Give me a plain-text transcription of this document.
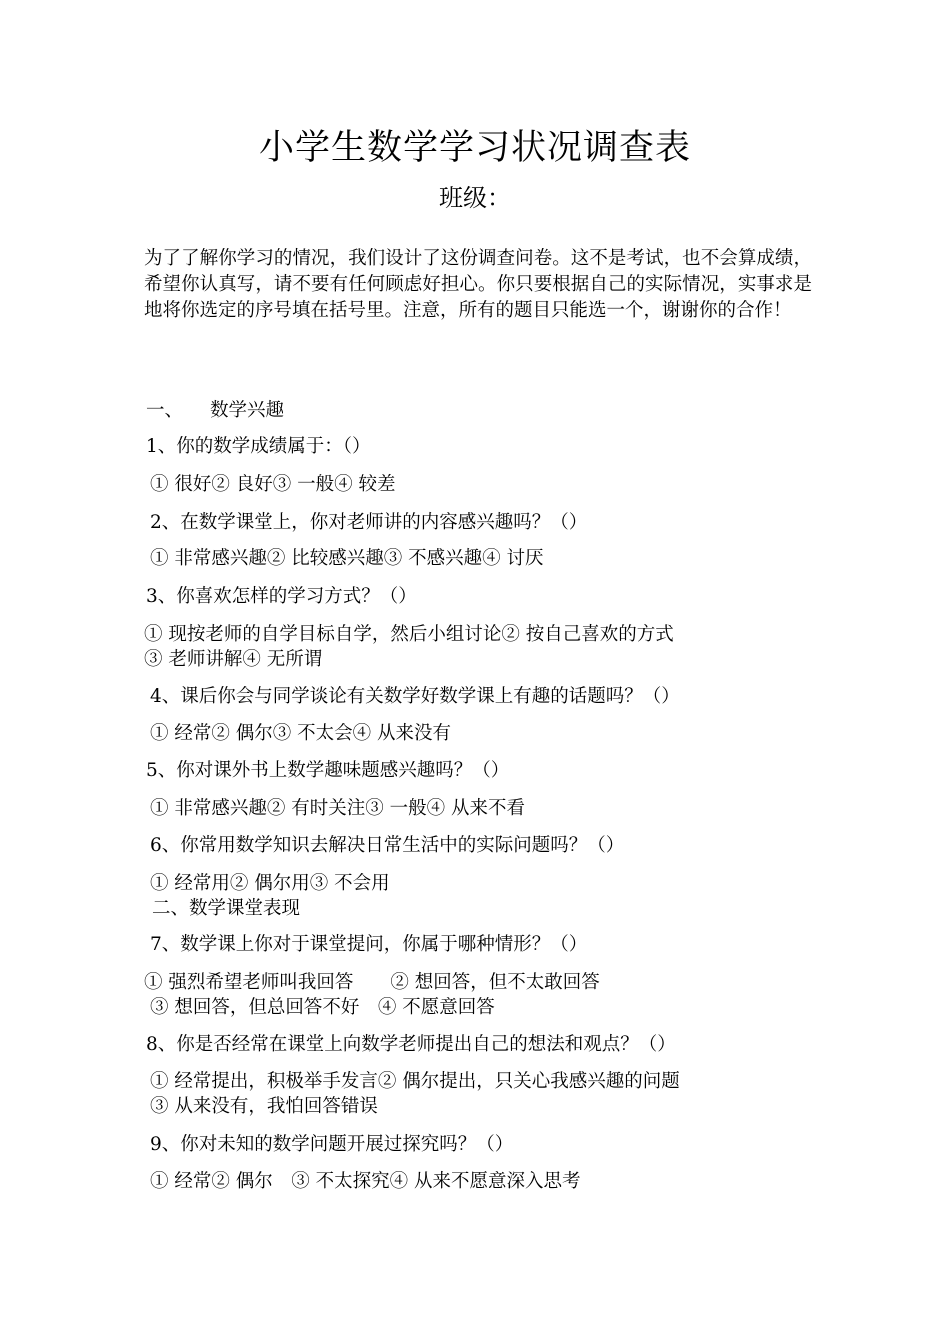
小学生数学学习状况调查表
班级：
为了了解你学习的情况，我们设计了这份调查问卷。这不是考试，也不会算成绩，希望你认真写，请不要有任何顾虑好担心。你只要根据自己的实际情况，实事求是地将你选定的序号填在括号里。注意，所有的题目只能选一个，谢谢你的合作！
一、 数学兴趣
1、你的数学成绩属于：（）
① 很好② 良好③ 一般④ 较差
2、在数学课堂上，你对老师讲的内容感兴趣吗？（）
① 非常感兴趣② 比较感兴趣③ 不感兴趣④ 讨厌
3、你喜欢怎样的学习方式？（）
① 现按老师的自学目标自学，然后小组讨论② 按自己喜欢的方式
③ 老师讲解④ 无所谓
4、课后你会与同学谈论有关数学好数学课上有趣的话题吗？（）
① 经常② 偶尔③ 不太会④ 从来没有
5、你对课外书上数学趣味题感兴趣吗？（）
① 非常感兴趣② 有时关注③ 一般④ 从来不看
6、你常用数学知识去解决日常生活中的实际问题吗？（）
① 经常用② 偶尔用③ 不会用
二、数学课堂表现
7、数学课上你对于课堂提问，你属于哪种情形？（）
① 强烈希望老师叫我回答　　② 想回答，但不太敢回答
③ 想回答，但总回答不好　④ 不愿意回答
8、你是否经常在课堂上向数学老师提出自己的想法和观点？（）
① 经常提出，积极举手发言② 偶尔提出，只关心我感兴趣的问题
③ 从来没有，我怕回答错误
9、你对未知的数学问题开展过探究吗？（）
① 经常② 偶尔　③ 不太探究④ 从来不愿意深入思考
